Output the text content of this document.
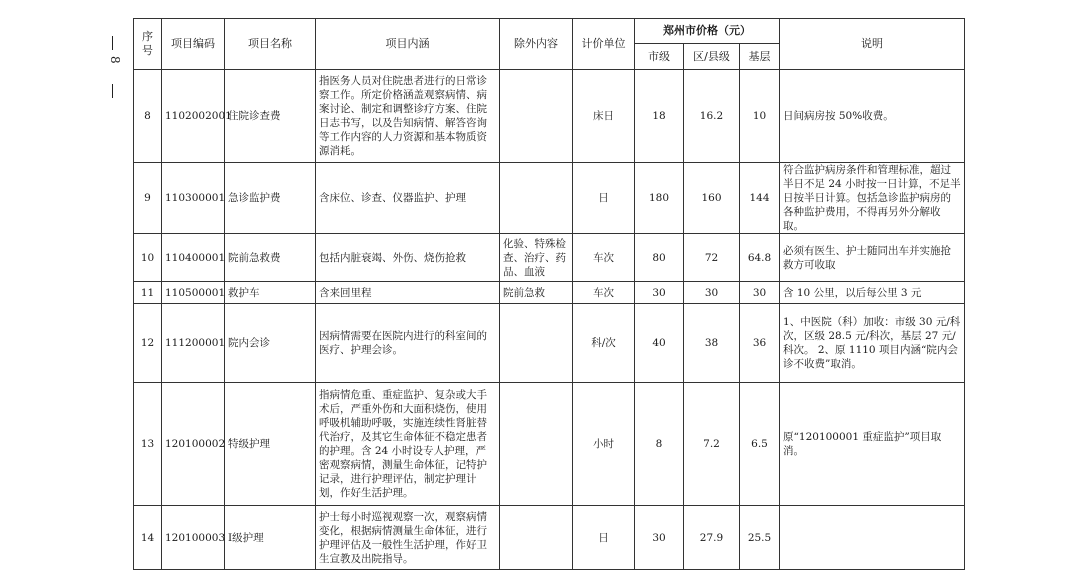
8
序号	项目编码	项目名称	项目内涵	除外内容	计价单位	郑州市价格（元）			说明
						市级	区/县级	基层	
8	1102002001	住院诊查费	指医务人员对住院患者进行的日常诊察工作。所定价格涵盖观察病情、病案讨论、制定和调整诊疗方案、住院日志书写，以及告知病情、解答咨询等工作内容的人力资源和基本物质资源消耗。		床日	18	16.2	10	日间病房按 50%收费。
9	110300001	急诊监护费	含床位、诊查、仪器监护、护理		日	180	160	144	符合监护病房条件和管理标准，超过半日不足 24 小时按一日计算，不足半日按半日计算。包括急诊监护病房的各种监护费用，不得再另外分解收取。
10	110400001	院前急救费	包括内脏衰竭、外伤、烧伤抢救	化验、特殊检查、治疗、药品、血液	车次	80	72	64.8	必须有医生、护士随同出车并实施抢救方可收取
11	110500001	救护车	含来回里程	院前急救	车次	30	30	30	含 10 公里，以后每公里 3 元
12	111200001	院内会诊	因病情需要在医院内进行的科室间的医疗、护理会诊。		科/次	40	38	36	1、中医院（科）加收：市级 30 元/科次，区级 28.5 元/科次，基层 27 元/科次。 2、原 1110 项目内涵“院内会诊不收费”取消。
13	120100002	特级护理	指病情危重、重症监护、复杂或大手术后，严重外伤和大面积烧伤，使用呼吸机辅助呼吸，实施连续性肾脏替代治疗，及其它生命体征不稳定患者的护理。含 24 小时设专人护理，严密观察病情，测量生命体征，记特护记录，进行护理评估，制定护理计划，作好生活护理。		小时	8	7.2	6.5	原“120100001 重症监护”项目取消。
14	120100003	Ⅰ级护理	护士每小时巡视观察一次，观察病情变化，根据病情测量生命体征，进行护理评估及一般性生活护理，作好卫生宣教及出院指导。		日	30	27.9	25.5	
